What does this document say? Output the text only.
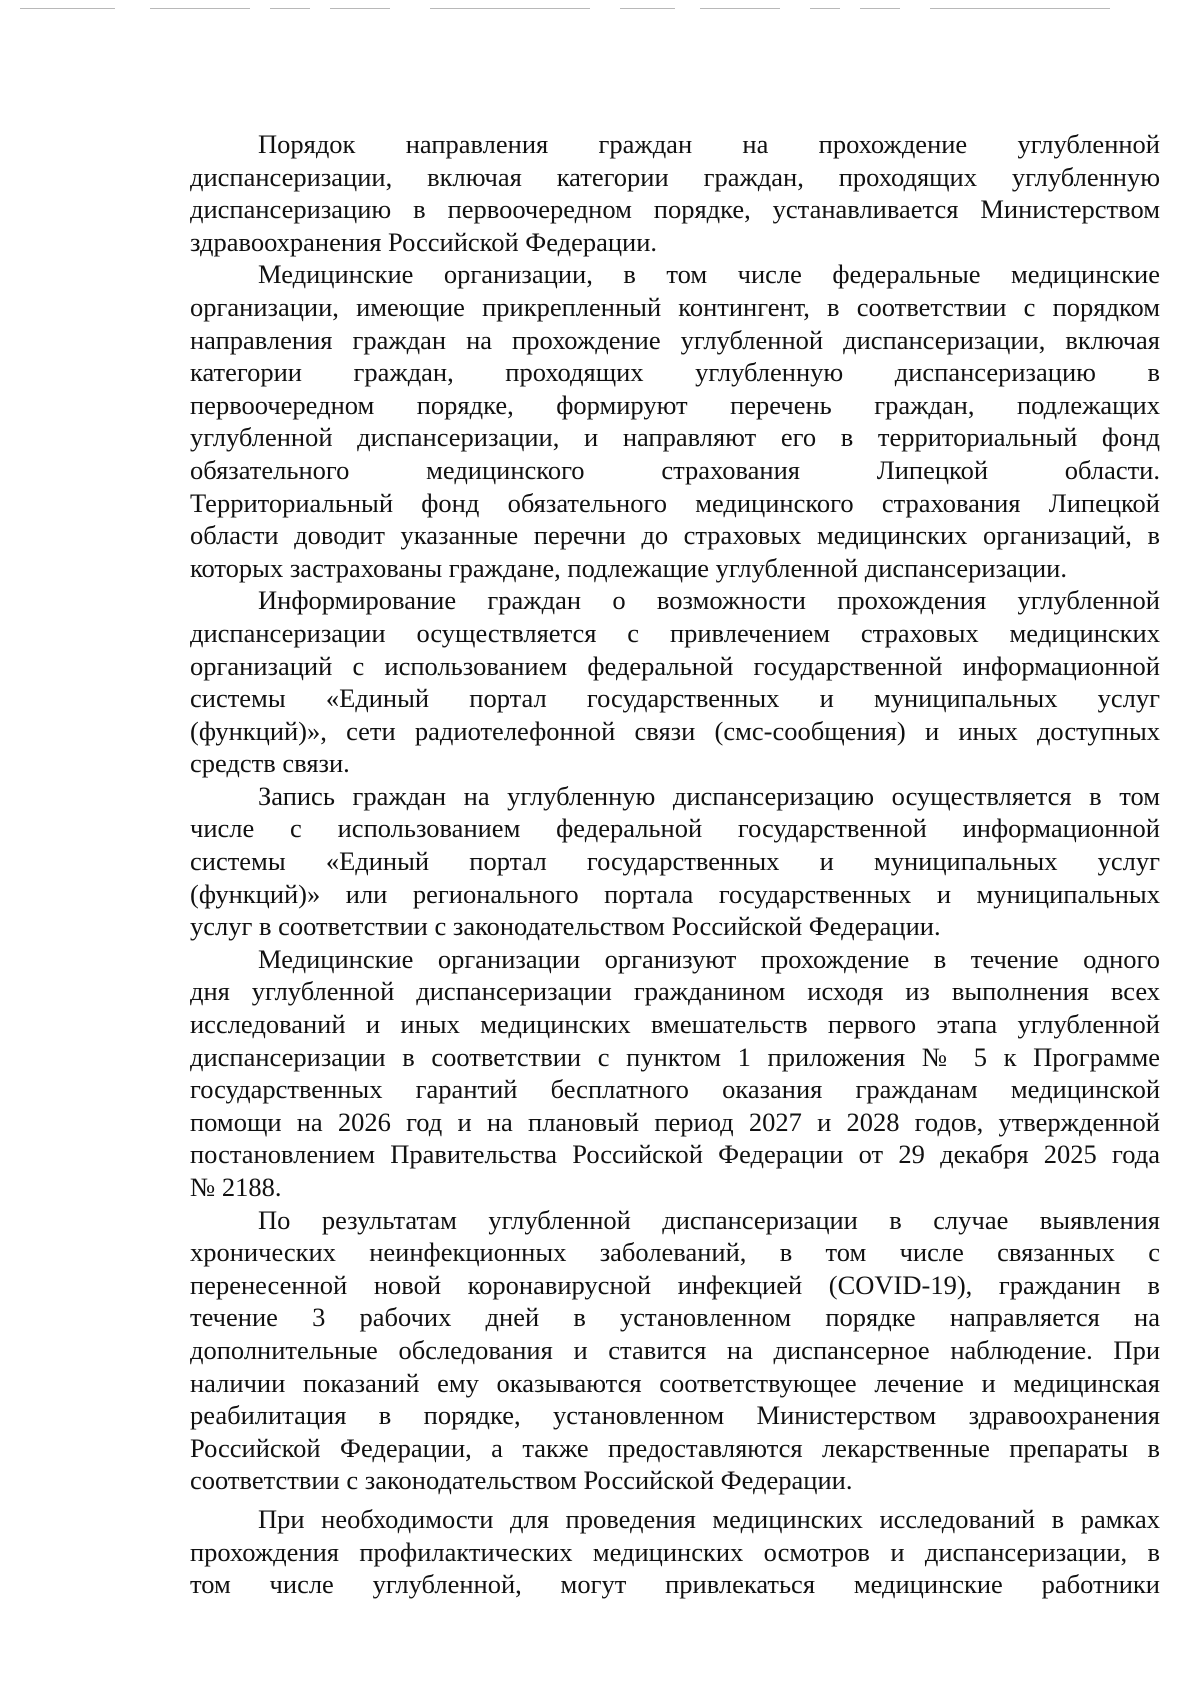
Порядок направления граждан на прохождение углубленной
диспансеризации, включая категории граждан, проходящих углубленную
диспансеризацию в первоочередном порядке, устанавливается Министерством
здравоохранения Российской Федерации.
Медицинские организации, в том числе федеральные медицинские
организации, имеющие прикрепленный контингент, в соответствии с порядком
направления граждан на прохождение углубленной диспансеризации, включая
категории граждан, проходящих углубленную диспансеризацию в
первоочередном порядке, формируют перечень граждан, подлежащих
углубленной диспансеризации, и направляют его в территориальный фонд
обязательного медицинского страхования Липецкой области.
Территориальный фонд обязательного медицинского страхования Липецкой
области доводит указанные перечни до страховых медицинских организаций, в
которых застрахованы граждане, подлежащие углубленной диспансеризации.
Информирование граждан о возможности прохождения углубленной
диспансеризации осуществляется с привлечением страховых медицинских
организаций с использованием федеральной государственной информационной
системы «Единый портал государственных и муниципальных услуг
(функций)», сети радиотелефонной связи (смс-сообщения) и иных доступных
средств связи.
Запись граждан на углубленную диспансеризацию осуществляется в том
числе с использованием федеральной государственной информационной
системы «Единый портал государственных и муниципальных услуг
(функций)» или регионального портала государственных и муниципальных
услуг в соответствии с законодательством Российской Федерации.
Медицинские организации организуют прохождение в течение одного
дня углубленной диспансеризации гражданином исходя из выполнения всех
исследований и иных медицинских вмешательств первого этапа углубленной
диспансеризации в соответствии с пунктом 1 приложения № 5 к Программе
государственных гарантий бесплатного оказания гражданам медицинской
помощи на 2026 год и на плановый период 2027 и 2028 годов, утвержденной
постановлением Правительства Российской Федерации от 29 декабря 2025 года
№ 2188.
По результатам углубленной диспансеризации в случае выявления
хронических неинфекционных заболеваний, в том числе связанных с
перенесенной новой коронавирусной инфекцией (COVID-19), гражданин в
течение 3 рабочих дней в установленном порядке направляется на
дополнительные обследования и ставится на диспансерное наблюдение. При
наличии показаний ему оказываются соответствующее лечение и медицинская
реабилитация в порядке, установленном Министерством здравоохранения
Российской Федерации, а также предоставляются лекарственные препараты в
соответствии с законодательством Российской Федерации.
При необходимости для проведения медицинских исследований в рамках
прохождения профилактических медицинских осмотров и диспансеризации, в
том числе углубленной, могут привлекаться медицинские работники
